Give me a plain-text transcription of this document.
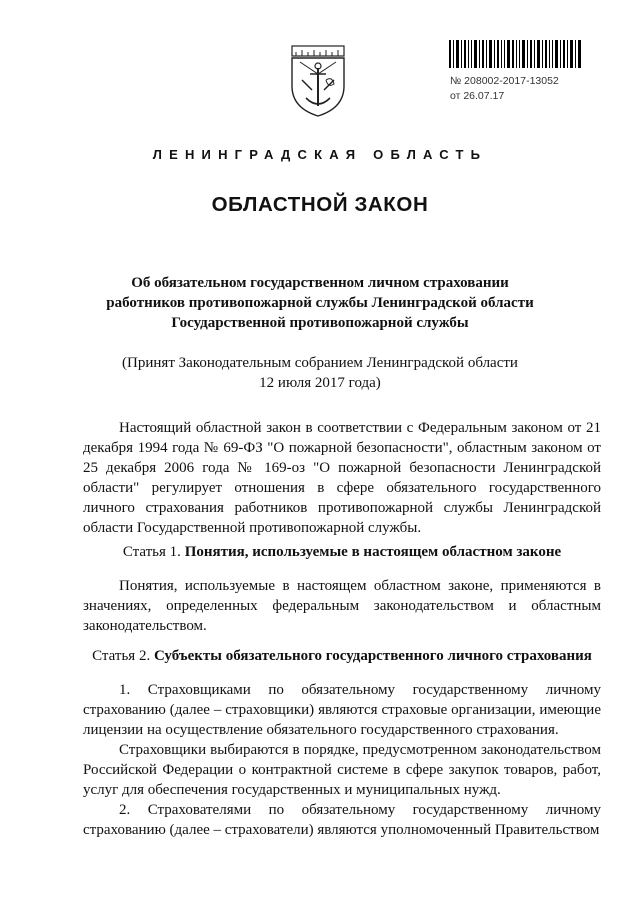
№ 208002-2017-13052
от 26.07.17
ЛЕНИНГРАДСКАЯ ОБЛАСТЬ
ОБЛАСТНОЙ ЗАКОН
Об обязательном государственном личном страховании
работников противопожарной службы Ленинградской области
Государственной противопожарной службы
(Принят Законодательным собранием Ленинградской области
12 июля 2017 года)

Настоящий областной закон в соответствии с Федеральным законом от 21 декабря 1994 года № 69-ФЗ "О пожарной безопасности", областным законом от 25 декабря 2006 года № 169-оз "О пожарной безопасности Ленинградской области" регулирует отношения в сфере обязательного государственного личного страхования работников противопожарной службы Ленинградской области Государственной противопожарной службы.

Статья 1. Понятия, используемые в настоящем областном законе

Понятия, используемые в настоящем областном законе, применяются в значениях, определенных федеральным законодательством и областным законодательством.

Статья 2. Субъекты обязательного государственного личного страхования

1. Страховщиками по обязательному государственному личному страхованию (далее – страховщики) являются страховые организации, имеющие лицензии на осуществление обязательного государственного страхования.

Страховщики выбираются в порядке, предусмотренном законодательством Российской Федерации о контрактной системе в сфере закупок товаров, работ, услуг для обеспечения государственных и муниципальных нужд.

2. Страхователями по обязательному государственному личному страхованию (далее – страхователи) являются уполномоченный Правительством
